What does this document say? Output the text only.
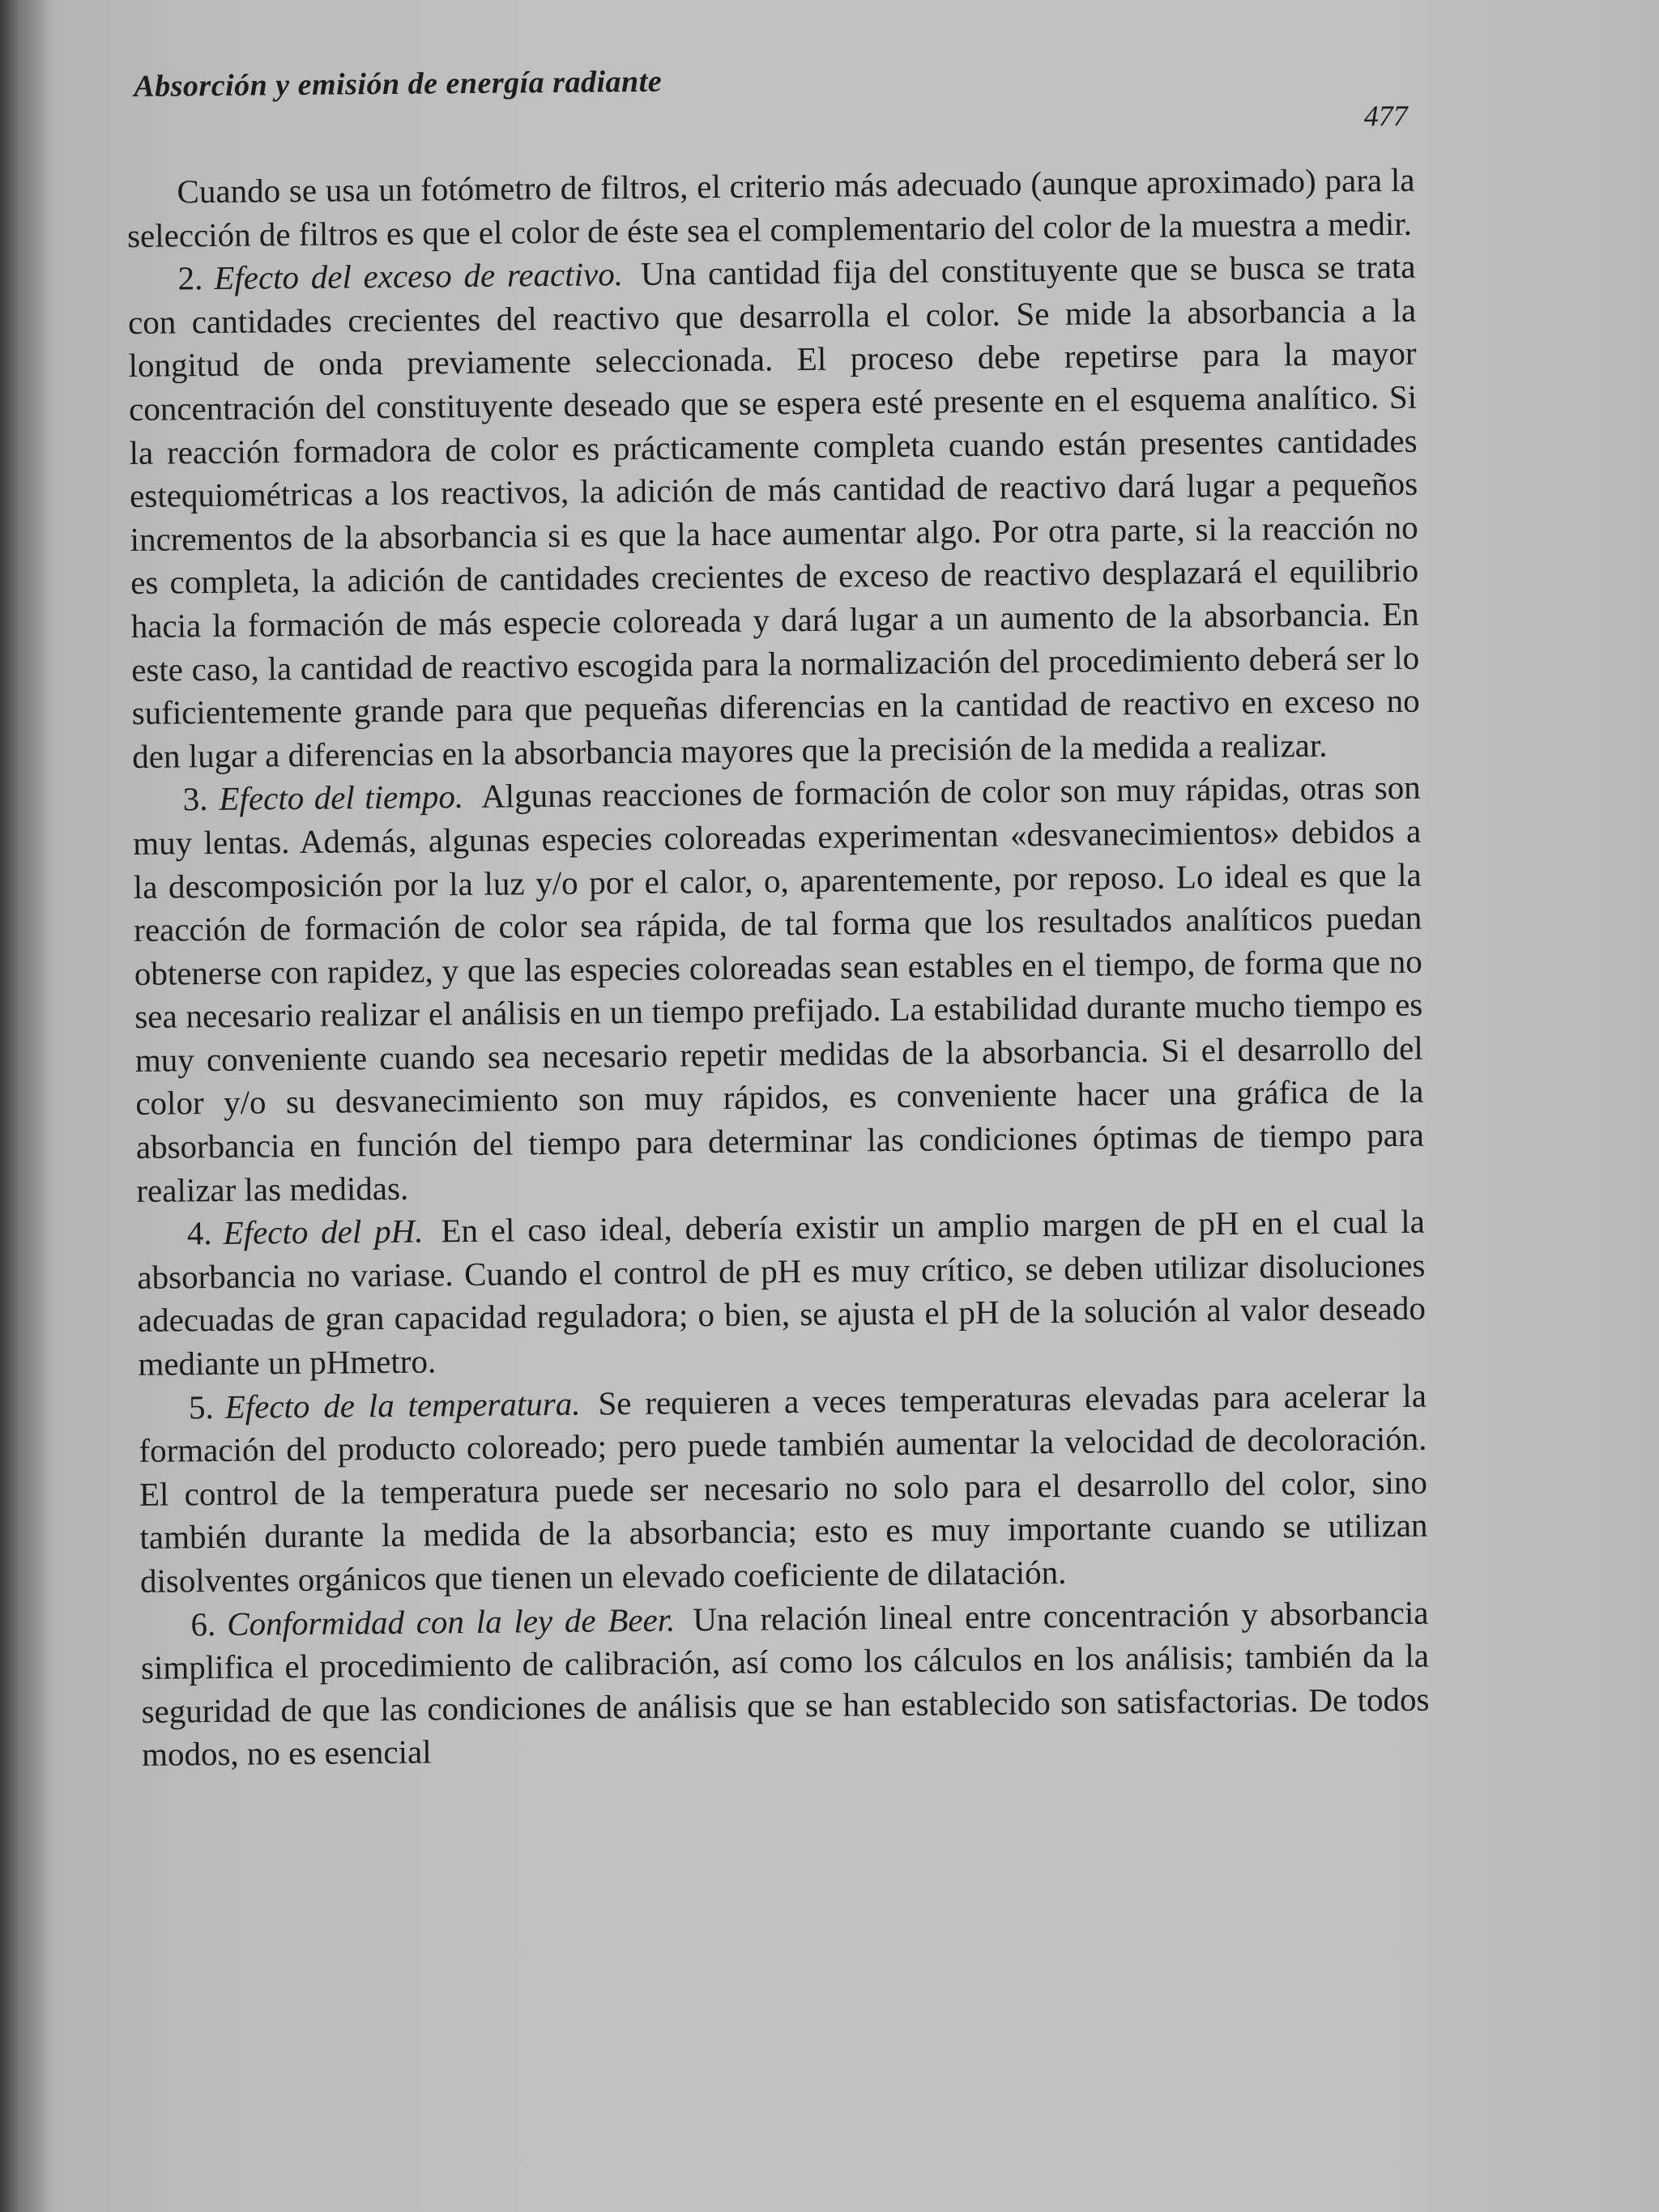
Absorción y emisión de energía radiante
477

Cuando se usa un fotómetro de filtros, el criterio más adecuado (aunque aproximado) para la selección de filtros es que el color de éste sea el complementario del color de la muestra a medir.

2. Efecto del exceso de reactivo. Una cantidad fija del constituyente que se busca se trata con cantidades crecientes del reactivo que desarrolla el color. Se mide la absorbancia a la longitud de onda previamente seleccionada. El proceso debe repetirse para la mayor concentración del constituyente deseado que se espera esté presente en el esquema analítico. Si la reacción formadora de color es prácticamente completa cuando están presentes cantidades estequiométricas a los reactivos, la adición de más cantidad de reactivo dará lugar a pequeños incrementos de la absorbancia si es que la hace aumentar algo. Por otra parte, si la reacción no es completa, la adición de cantidades crecientes de exceso de reactivo desplazará el equilibrio hacia la formación de más especie coloreada y dará lugar a un aumento de la absorbancia. En este caso, la cantidad de reactivo escogida para la normalización del procedimiento deberá ser lo suficientemente grande para que pequeñas diferencias en la cantidad de reactivo en exceso no den lugar a diferencias en la absorbancia mayores que la precisión de la medida a realizar.

3. Efecto del tiempo. Algunas reacciones de formación de color son muy rápidas, otras son muy lentas. Además, algunas especies coloreadas experimentan «desvanecimientos» debidos a la descomposición por la luz y/o por el calor, o, aparentemente, por reposo. Lo ideal es que la reacción de formación de color sea rápida, de tal forma que los resultados analíticos puedan obtenerse con rapidez, y que las especies coloreadas sean estables en el tiempo, de forma que no sea necesario realizar el análisis en un tiempo prefijado. La estabilidad durante mucho tiempo es muy conveniente cuando sea necesario repetir medidas de la absorbancia. Si el desarrollo del color y/o su desvanecimiento son muy rápidos, es conveniente hacer una gráfica de la absorbancia en función del tiempo para determinar las condiciones óptimas de tiempo para realizar las medidas.

4. Efecto del pH. En el caso ideal, debería existir un amplio margen de pH en el cual la absorbancia no variase. Cuando el control de pH es muy crítico, se deben utilizar disoluciones adecuadas de gran capacidad reguladora; o bien, se ajusta el pH de la solución al valor deseado mediante un pHmetro.

5. Efecto de la temperatura. Se requieren a veces temperaturas elevadas para acelerar la formación del producto coloreado; pero puede también aumentar la velocidad de decoloración. El control de la temperatura puede ser necesario no solo para el desarrollo del color, sino también durante la medida de la absorbancia; esto es muy importante cuando se utilizan disolventes orgánicos que tienen un elevado coeficiente de dilatación.

6. Conformidad con la ley de Beer. Una relación lineal entre concentración y absorbancia simplifica el procedimiento de calibración, así como los cálculos en los análisis; también da la seguridad de que las condiciones de análisis que se han establecido son satisfactorias. De todos modos, no es esencial
